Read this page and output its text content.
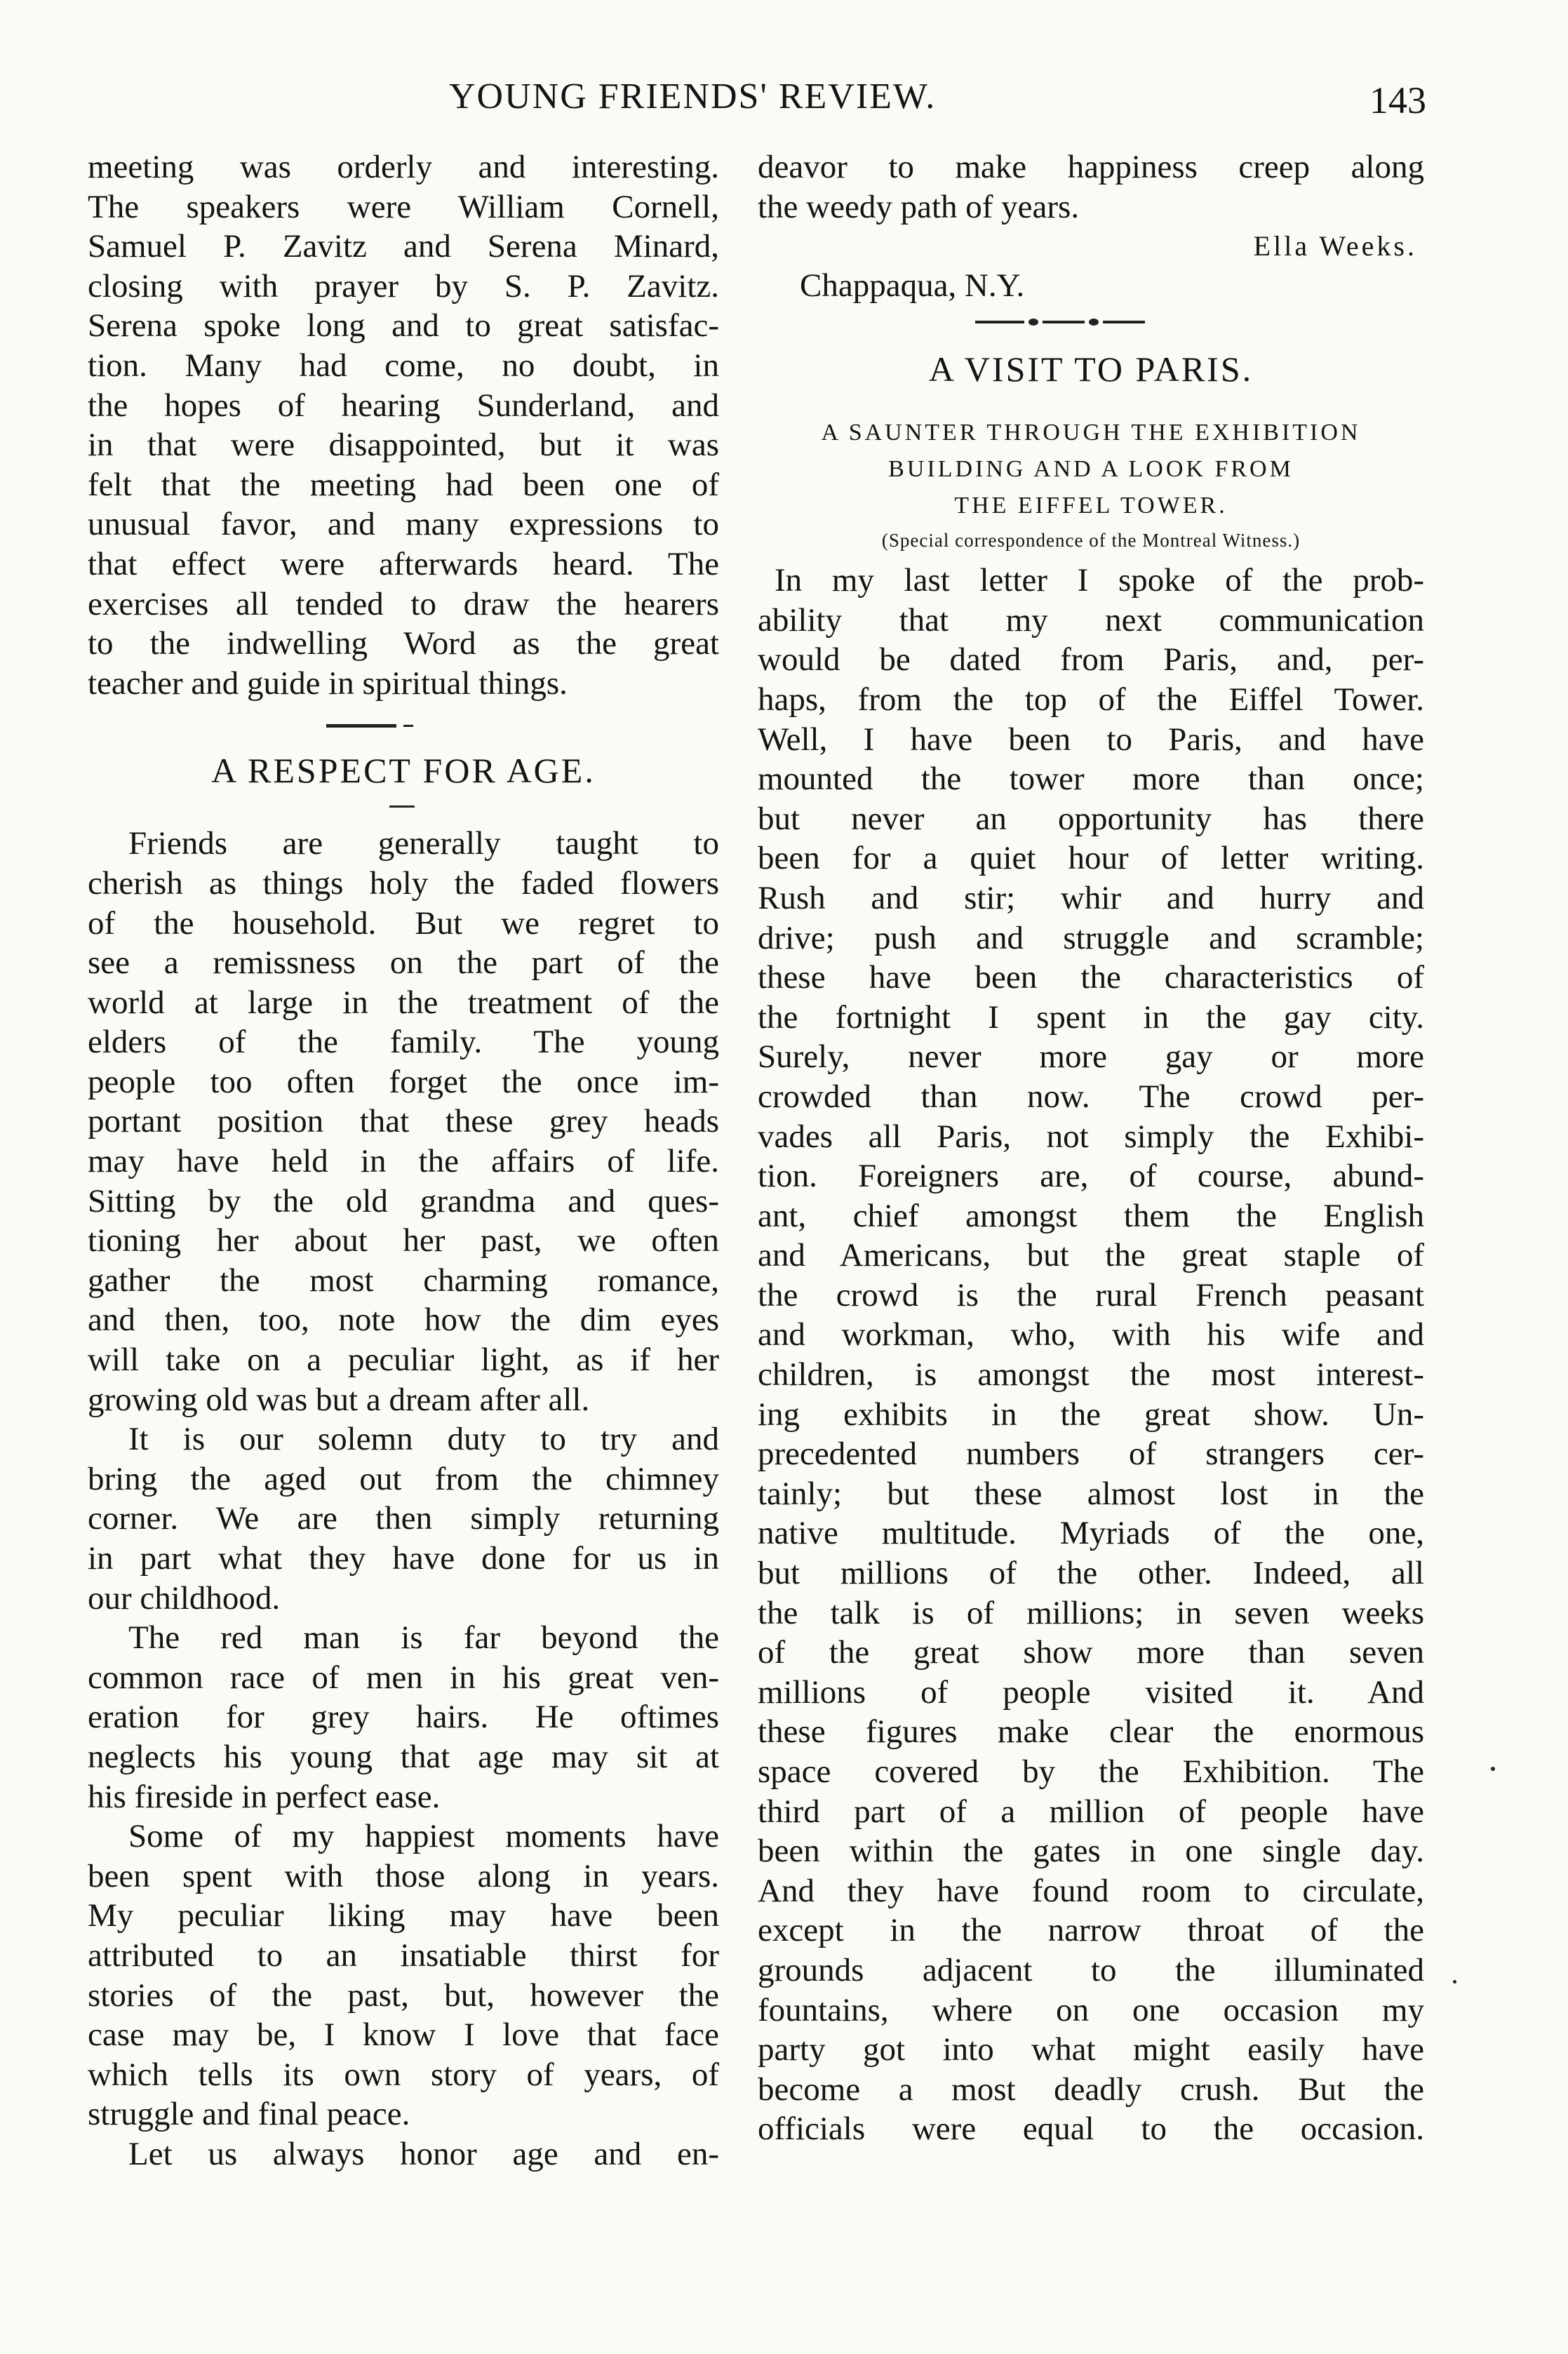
YOUNG FRIENDS' REVIEW.	143
meeting was orderly and interesting.
The speakers were William Cornell,
Samuel P. Zavitz and Serena Minard,
closing with prayer by S. P. Zavitz.
Serena spoke long and to great satisfac-
tion. Many had come, no doubt, in
the hopes of hearing Sunderland, and
in that were disappointed, but it was
felt that the meeting had been one of
unusual favor, and many expressions to
that effect were afterwards heard. The
exercises all tended to draw the hearers
to the indwelling Word as the great
teacher and guide in spiritual things.
A RESPECT FOR AGE.
Friends are generally taught to
cherish as things holy the faded flowers
of the household. But we regret to
see a remissness on the part of the
world at large in the treatment of the
elders of the family. The young
people too often forget the once im-
portant position that these grey heads
may have held in the affairs of life.
Sitting by the old grandma and ques-
tioning her about her past, we often
gather the most charming romance,
and then, too, note how the dim eyes
will take on a peculiar light, as if her
growing old was but a dream after all.
It is our solemn duty to try and
bring the aged out from the chimney
corner. We are then simply returning
in part what they have done for us in
our childhood.
The red man is far beyond the
common race of men in his great ven-
eration for grey hairs. He oftimes
neglects his young that age may sit at
his fireside in perfect ease.
Some of my happiest moments have
been spent with those along in years.
My peculiar liking may have been
attributed to an insatiable thirst for
stories of the past, but, however the
case may be, I know I love that face
which tells its own story of years, of
struggle and final peace.
Let us always honor age and en-
deavor to make happiness creep along
the weedy path of years.
Ella Weeks.
Chappaqua, N.Y.
A VISIT TO PARIS.
A SAUNTER THROUGH THE EXHIBITION
BUILDING AND A LOOK FROM
THE EIFFEL TOWER.
(Special correspondence of the Montreal Witness.)
In my last letter I spoke of the prob-
ability that my next communication
would be dated from Paris, and, per-
haps, from the top of the Eiffel Tower.
Well, I have been to Paris, and have
mounted the tower more than once;
but never an opportunity has there
been for a quiet hour of letter writing.
Rush and stir; whir and hurry and
drive; push and struggle and scramble;
these have been the characteristics of
the fortnight I spent in the gay city.
Surely, never more gay or more
crowded than now. The crowd per-
vades all Paris, not simply the Exhibi-
tion. Foreigners are, of course, abund-
ant, chief amongst them the English
and Americans, but the great staple of
the crowd is the rural French peasant
and workman, who, with his wife and
children, is amongst the most interest-
ing exhibits in the great show. Un-
precedented numbers of strangers cer-
tainly; but these almost lost in the
native multitude. Myriads of the one,
but millions of the other. Indeed, all
the talk is of millions; in seven weeks
of the great show more than seven
millions of people visited it. And
these figures make clear the enormous
space covered by the Exhibition. The
third part of a million of people have
been within the gates in one single day.
And they have found room to circulate,
except in the narrow throat of the
grounds adjacent to the illuminated
fountains, where on one occasion my
party got into what might easily have
become a most deadly crush. But the
officials were equal to the occasion.
